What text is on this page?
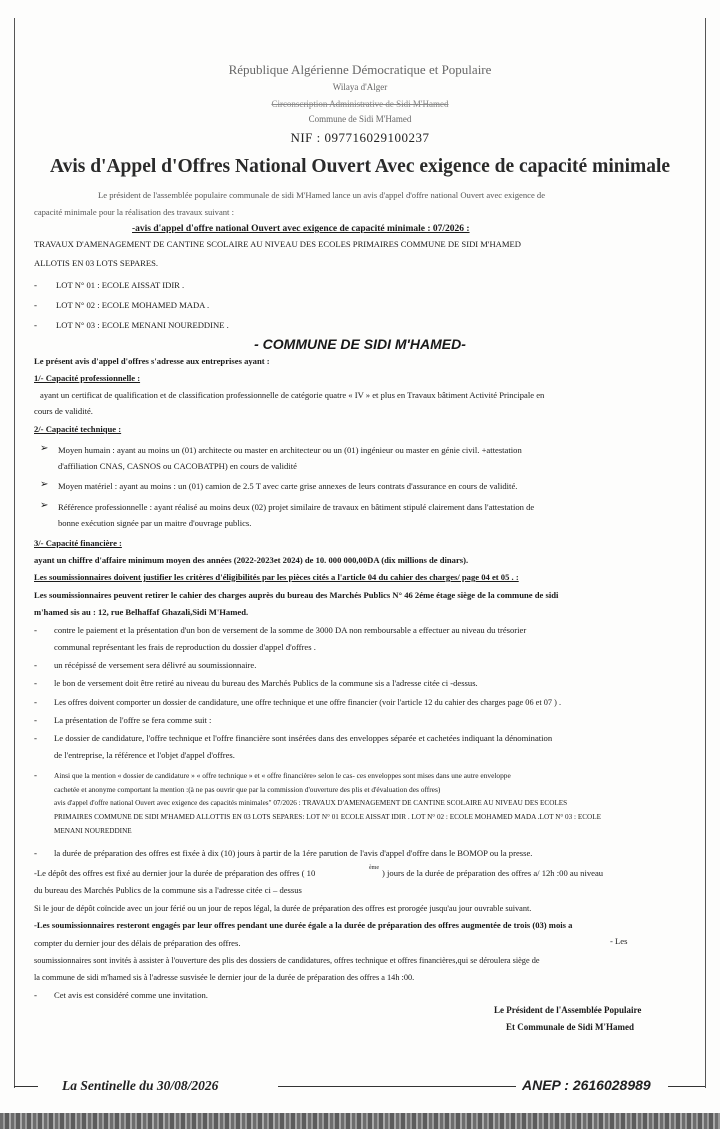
République Algérienne Démocratique et Populaire
Wilaya d'Alger
Circonscription Administrative de Sidi M'Hamed
Commune de Sidi M'Hamed
NIF : 097716029100237
Avis d'Appel d'Offres National Ouvert Avec exigence de capacité minimale
Le président de l'assemblée populaire communale de sidi M'Hamed lance un avis d'appel d'offre national Ouvert avec exigence de
capacité minimale pour la réalisation des travaux suivant :
-avis d'appel d'offre national Ouvert avec exigence de capacité minimale : 07/2026 :
TRAVAUX D'AMENAGEMENT DE CANTINE SCOLAIRE AU NIVEAU DES ECOLES PRIMAIRES COMMUNE DE SIDI M'HAMED
ALLOTIS EN 03 LOTS SEPARES.
- LOT N° 01 : ECOLE AISSAT IDIR .
- LOT N° 02 : ECOLE MOHAMED MADA .
- LOT N° 03 : ECOLE MENANI NOUREDDINE .
- COMMUNE DE SIDI M'HAMED-
Le présent avis d'appel d'offres s'adresse aux entreprises ayant :
1/- Capacité professionnelle :
ayant un certificat de qualification et de classification professionnelle de catégorie quatre « IV » et plus en Travaux bâtiment Activité Principale en
cours de validité.
2/- Capacité technique :
➢ Moyen humain : ayant au moins un (01) architecte ou master en architecteur ou un (01) ingénieur ou master en génie civil. +attestation
d'affiliation CNAS, CASNOS ou CACOBATPH) en cours de validité
➢ Moyen matériel : ayant au moins : un (01) camion de 2.5 T avec carte grise annexes de leurs contrats d'assurance en cours de validité.
➢ Référence professionnelle : ayant réalisé au moins deux (02) projet similaire de travaux en bâtiment stipulé clairement dans l'attestation de
bonne exécution signée par un maitre d'ouvrage publics.
3/- Capacité financière :
ayant un chiffre d'affaire minimum moyen des années (2022-2023et 2024) de 10. 000 000,00DA (dix millions de dinars).
Les soumissionnaires doivent justifier les critères d'éligibilités par les pièces cités a l'article 04 du cahier des charges/ page 04 et 05 . :
Les soumissionnaires peuvent retirer le cahier des charges auprès du bureau des Marchés Publics N° 46 2éme étage siège de la commune de sidi
m'hamed sis au : 12, rue Belhaffaf Ghazali,Sidi M'Hamed.
- contre le paiement et la présentation d'un bon de versement de la somme de 3000 DA non remboursable a effectuer au niveau du trésorier
communal représentant les frais de reproduction du dossier d'appel d'offres .
- un récépissé de versement sera délivré au soumissionnaire.
- le bon de versement doit être retiré au niveau du bureau des Marchés Publics de la commune sis a l'adresse citée ci -dessus.
- Les offres doivent comporter un dossier de candidature, une offre technique et une offre financier (voir l'article 12 du cahier des charges page 06 et 07 ) .
- La présentation de l'offre se fera comme suit :
- Le dossier de candidature, l'offre technique et l'offre financière sont insérées dans des enveloppes séparée et cachetées indiquant la dénomination
de l'entreprise, la référence et l'objet d'appel d'offres.
- Ainsi que la mention « dossier de candidature » « offre technique » et « offre financière» selon le cas- ces enveloppes sont mises dans une autre enveloppe
cachetée et anonyme comportant la mention :(à ne pas ouvrir que par la commission d'ouverture des plis et d'évaluation des offres)
avis d'appel d'offre national Ouvert avec exigence des capacités minimales" 07/2026 : TRAVAUX D'AMENAGEMENT DE CANTINE SCOLAIRE AU NIVEAU DES ECOLES
PRIMAIRES COMMUNE DE SIDI M'HAMED ALLOTTIS EN 03 LOTS SEPARES: LOT N° 01 ECOLE AISSAT IDIR . LOT N° 02 : ECOLE MOHAMED MADA .LOT N° 03 : ECOLE
MENANI NOUREDDINE
- la durée de préparation des offres est fixée à dix (10) jours à partir de la 1ére parution de l'avis d'appel d'offre dans le BOMOP ou la presse.
-Le dépôt des offres est fixé au dernier jour la durée de préparation des offres ( 10	ème ) jours de la durée de préparation des offres a/ 12h :00 au niveau
du bureau des Marchés Publics de la commune sis a l'adresse citée ci – dessus
Si le jour de dépôt coïncide avec un jour férié ou un jour de repos légal, la durée de préparation des offres est prorogée jusqu'au jour ouvrable suivant.
-Les soumissionnaires resteront engagés par leur offres pendant une durée égale a la durée de préparation des offres augmentée de trois (03) mois a
compter du dernier jour des délais de préparation des offres.	- Les
soumissionnaires sont invités à assister à l'ouverture des plis des dossiers de candidatures, offres technique et offres financières,qui se déroulera siège de
la commune de sidi m'hamed sis à l'adresse susvisée le dernier jour de la durée de préparation des offres a 14h :00.
- Cet avis est considéré comme une invitation.
Le Président de l'Assemblée Populaire
Et Communale de Sidi M'Hamed
La Sentinelle du 30/08/2026	ANEP : 2616028989
